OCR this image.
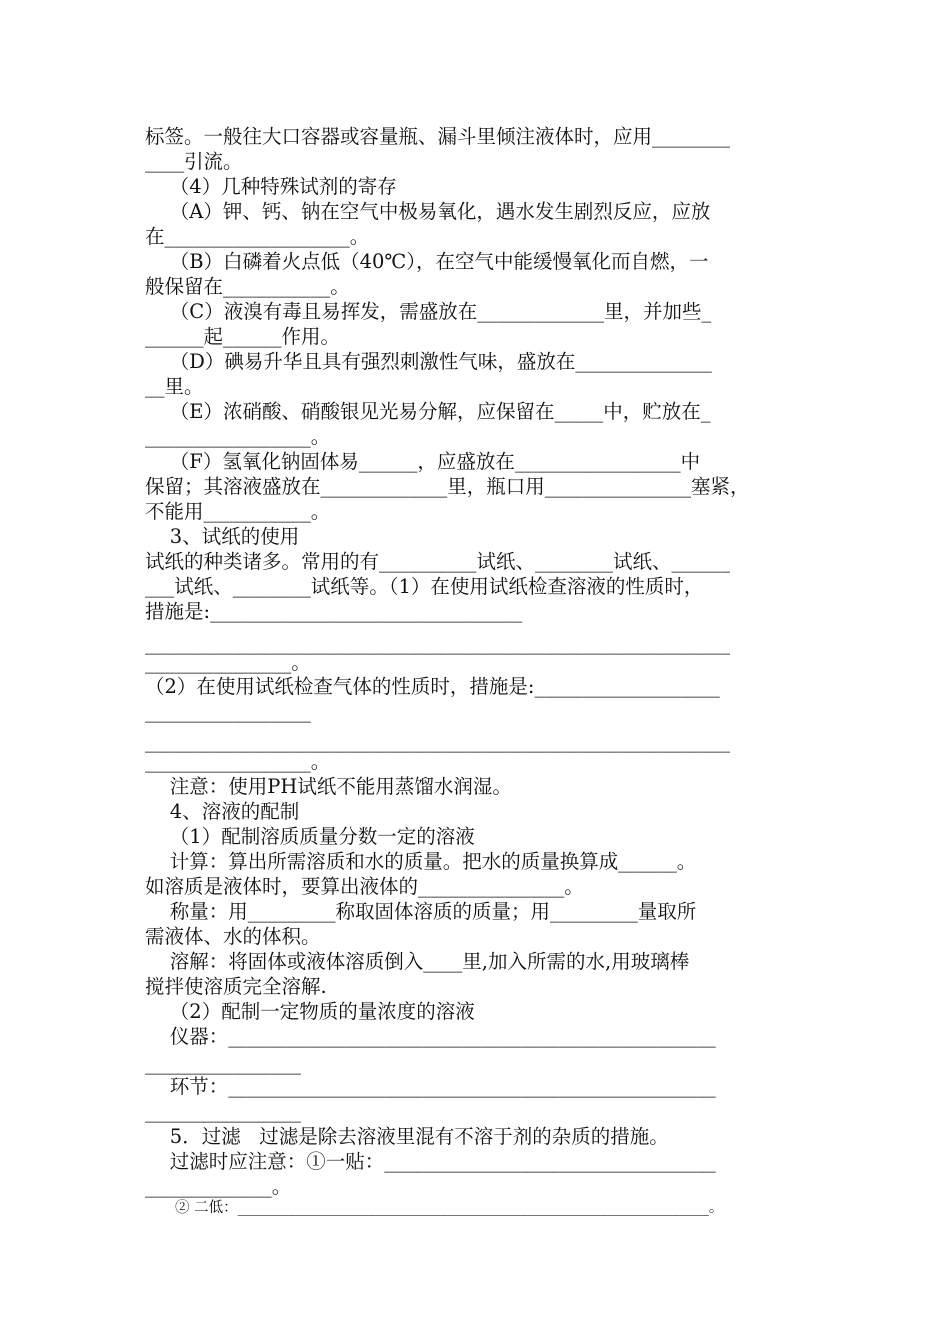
标签。一般往大口容器或容量瓶、漏斗里倾注液体时，应用________
____引流。
（4）几种特殊试剂的寄存
（A）钾、钙、钠在空气中极易氧化，遇水发生剧烈反应，应放
在___________________。
（B）白磷着火点低（40℃），在空气中能缓慢氧化而自燃，一
般保留在___________。
（C）液溴有毒且易挥发，需盛放在_____________里，并加些_
______起______作用。
（D）碘易升华且具有强烈刺激性气味，盛放在______________
__里。
（E）浓硝酸、硝酸银见光易分解，应保留在_____中，贮放在_
_________________。
（F）氢氧化钠固体易______，应盛放在_________________中
保留；其溶液盛放在_____________里，瓶口用_______________塞紧，
不能用___________。
3、试纸的使用
试纸的种类诸多。常用的有__________试纸、________试纸、______
___试纸、________试纸等。（1）在使用试纸检查溶液的性质时，
措施是:________________________________
____________________________________________________________
_______________。
（2）在使用试纸检查气体的性质时，措施是:___________________
_________________
____________________________________________________________
_________________。
注意：使用PH试纸不能用蒸馏水润湿。
4、溶液的配制
（1）配制溶质质量分数一定的溶液
计算：算出所需溶质和水的质量。把水的质量换算成______。
如溶质是液体时，要算出液体的_______________。
称量：用_________称取固体溶质的质量；用_________量取所
需液体、水的体积。
溶解：将固体或液体溶质倒入____里,加入所需的水,用玻璃棒
搅拌使溶质完全溶解.
（2）配制一定物质的量浓度的溶液
仪器：__________________________________________________
________________
环节：__________________________________________________
________________
5．过滤   过滤是除去溶液里混有不溶于剂的杂质的措施。
过滤时应注意：①一贴：__________________________________
_____________。
② 二低：_________________________________________________________________。
